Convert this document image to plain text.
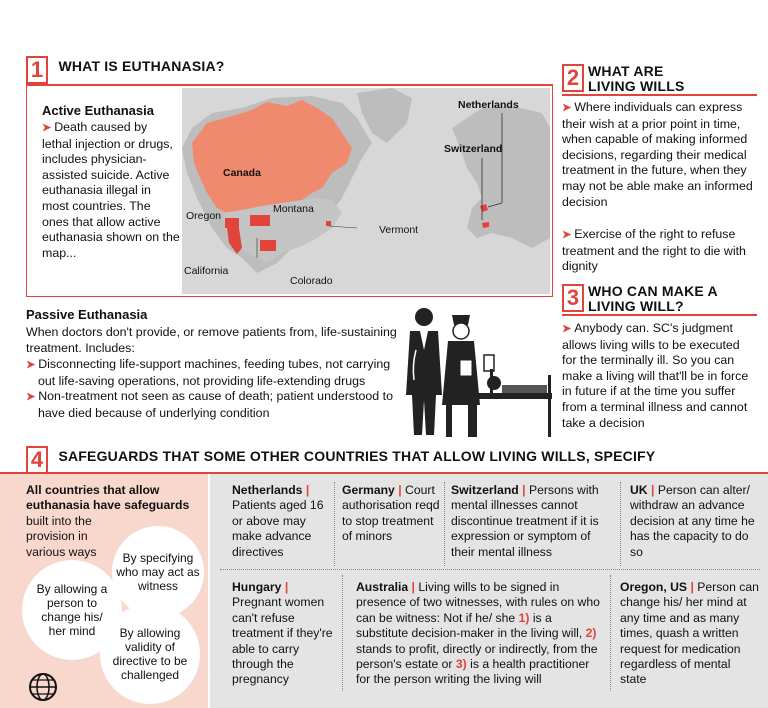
1 WHAT IS EUTHANASIA?
Active Euthanasia
➤ Death caused by lethal injection or drugs, includes physician-assisted suicide. Active euthanasia illegal in most countries. The ones that allow active euthanasia shown on the map...
Netherlands
Switzerland
Canada
Oregon
Montana
Vermont
California
Colorado
Passive Euthanasia
When doctors don't provide, or remove patients from, life-sustaining treatment. Includes:
➤ Disconnecting life-support machines, feeding tubes, not carrying out life-saving operations, not providing life-extending drugs
➤ Non-treatment not seen as cause of death; patient understood to have died because of underlying condition
2 WHAT ARE
LIVING WILLS
➤ Where individuals can express their wish at a prior point in time, when capable of making informed decisions, regarding their medical treatment in the future, when they may not be able make an informed decision
➤ Exercise of the right to refuse treatment and the right to die with dignity
3 WHO CAN MAKE A
LIVING WILL?
➤ Anybody can. SC's judgment allows living wills to be executed for the terminally ill. So you can make a living will that'll be in force in future if at the time you suffer from a terminal illness and cannot take a decision
4 SAFEGUARDS THAT SOME OTHER COUNTRIES THAT ALLOW LIVING WILLS, SPECIFY
All countries that allow
euthanasia have safeguards
built into the provision in various ways	By specifying who may act as witness
By allowing a person to change his/ her mind	By allowing validity of directive to be challenged
Netherlands | Patients aged 16 or above may make advance directives
Germany | Court authorisation reqd to stop treatment of minors
Switzerland | Persons with mental illnesses cannot discontinue treatment if it is expression or symptom of their mental illness
UK | Person can alter/ withdraw an advance decision at any time he has the capacity to do so
Hungary | Pregnant women can't refuse treatment if they're able to carry through the pregnancy
Australia | Living wills to be signed in presence of two witnesses, with rules on who can be witness: Not if he/ she 1) is a substitute decision-maker in the living will, 2) stands to profit, directly or indirectly, from the person's estate or 3) is a health practitioner for the person writing the living will
Oregon, US | Person can change his/ her mind at any time and as many times, quash a written request for medication regardless of mental state
